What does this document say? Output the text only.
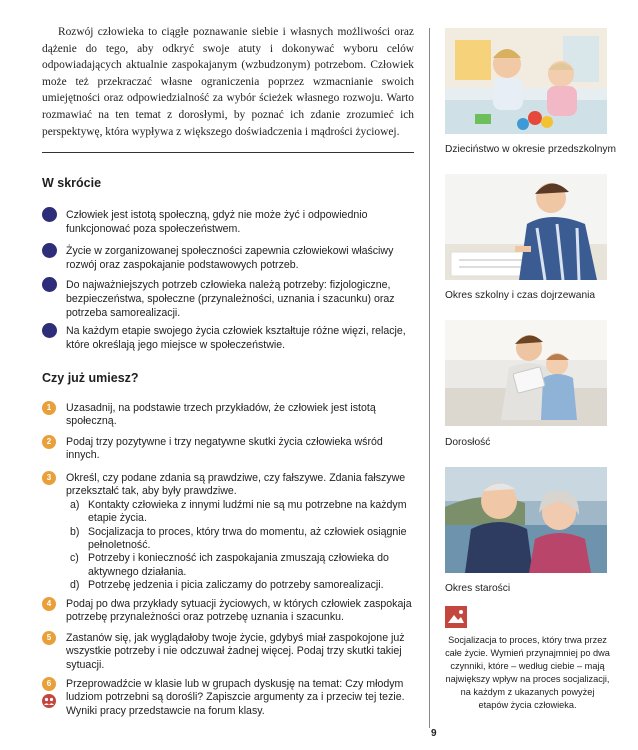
Rozwój człowieka to ciągłe poznawanie siebie i własnych możliwości oraz dążenie do tego, aby odkryć swoje atuty i dokonywać wyboru celów odpowiadających aktualnie zaspokajanym (wzbudzonym) potrzebom. Człowiek może też przekraczać własne ograniczenia poprzez wzmacnianie swoich umiejętności oraz odpowiedzialność za wybór ścieżek własnego rozwoju. Warto rozmawiać na ten temat z dorosłymi, by poznać ich zdanie zrozumieć ich perspektywę, która wypływa z większego doświadczenia i mądrości życiowej.

W skrócie
Człowiek jest istotą społeczną, gdyż nie może żyć i odpowiednio funkcjonować poza społeczeństwem.
Życie w zorganizowanej społeczności zapewnia człowiekowi właściwy rozwój oraz zaspokajanie podstawowych potrzeb.
Do najważniejszych potrzeb człowieka należą potrzeby: fizjologiczne, bezpieczeństwa, społeczne (przynależności, uznania i szacunku) oraz potrzeba samorealizacji.
Na każdym etapie swojego życia człowiek kształtuje różne więzi, relacje, które określają jego miejsce w społeczeństwie.
Czy już umiesz?
1	Uzasadnij, na podstawie trzech przykładów, że człowiek jest istotą społeczną.
2	Podaj trzy pozytywne i trzy negatywne skutki życia człowieka wśród innych.
3	Określ, czy podane zdania są prawdziwe, czy fałszywe. Zdania fałszywe przekształć tak, aby były prawdziwe.
a) Kontakty człowieka z innymi ludźmi nie są mu potrzebne na każdym etapie życia.
b) Socjalizacja to proces, który trwa do momentu, aż człowiek osiągnie pełnoletność.
c) Potrzeby i konieczność ich zaspokajania zmuszają człowieka do aktywnego działania.
d) Potrzebę jedzenia i picia zaliczamy do potrzeby samorealizacji.
4	Podaj po dwa przykłady sytuacji życiowych, w których człowiek zaspokaja potrzebę przynależności oraz potrzebę uznania i szacunku.
5	Zastanów się, jak wyglądałoby twoje życie, gdybyś miał zaspokojone już wszystkie potrzeby i nie odczuwał żadnej więcej. Podaj trzy skutki takiej sytuacji.
6	Przeprowadźcie w klasie lub w grupach dyskusję na temat: Czy młodym ludziom potrzebni są dorośli? Zapiszcie argumenty za i przeciw tej tezie. Wyniki pracy przedstawcie na forum klasy.
Dzieciństwo w okresie przedszkolnym
Okres szkolny i czas dojrzewania
Dorosłość
Okres starości

Socjalizacja to proces, który trwa przez całe życie. Wymień przynajmniej po dwa czynniki, które – według ciebie – mają największy wpływ na proces socjalizacji, na każdym z ukazanych powyżej etapów życia człowieka.

9
